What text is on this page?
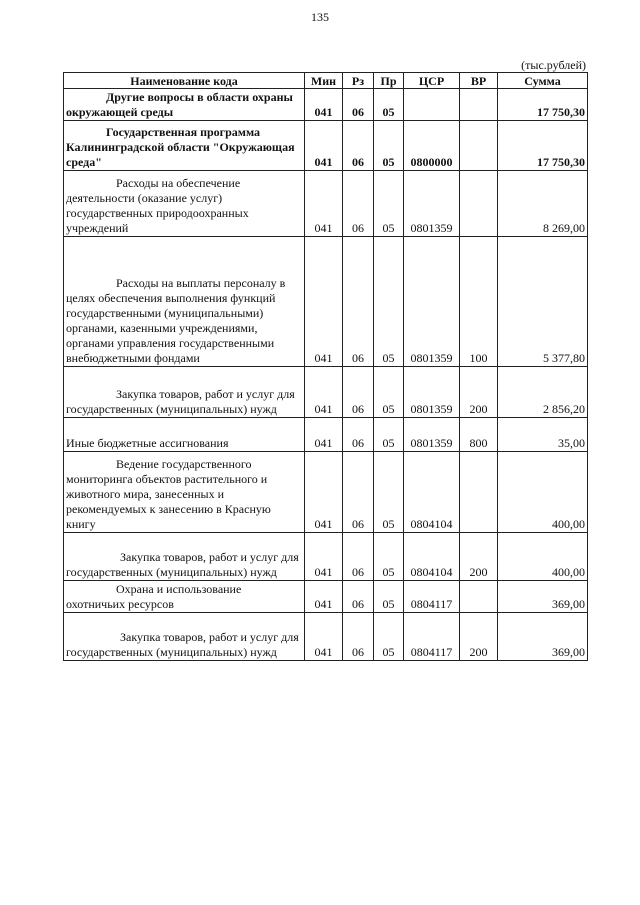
135
(тыс.рублей)
Наименование кода	Мин	Рз	Пр	ЦСР	ВР	Сумма
Другие вопросы в области охраны окружающей среды	041	06	05			17 750,30
Государственная программа Калининградской области "Окружающая среда"	041	06	05	0800000		17 750,30
Расходы на обеспечение деятельности (оказание услуг) государственных природоохранных учреждений	041	06	05	0801359		8 269,00
Расходы на выплаты персоналу в целях обеспечения выполнения функций государственными (муниципальными) органами, казенными учреждениями, органами управления государственными внебюджетными фондами	041	06	05	0801359	100	5 377,80
Закупка товаров, работ и услуг для государственных (муниципальных) нужд	041	06	05	0801359	200	2 856,20
Иные бюджетные ассигнования	041	06	05	0801359	800	35,00
Ведение государственного мониторинга объектов растительного и животного мира, занесенных и рекомендуемых к занесению в Красную книгу	041	06	05	0804104		400,00
Закупка товаров, работ и услуг для государственных (муниципальных) нужд	041	06	05	0804104	200	400,00
Охрана и использование охотничьих ресурсов	041	06	05	0804117		369,00
Закупка товаров, работ и услуг для государственных (муниципальных) нужд	041	06	05	0804117	200	369,00
